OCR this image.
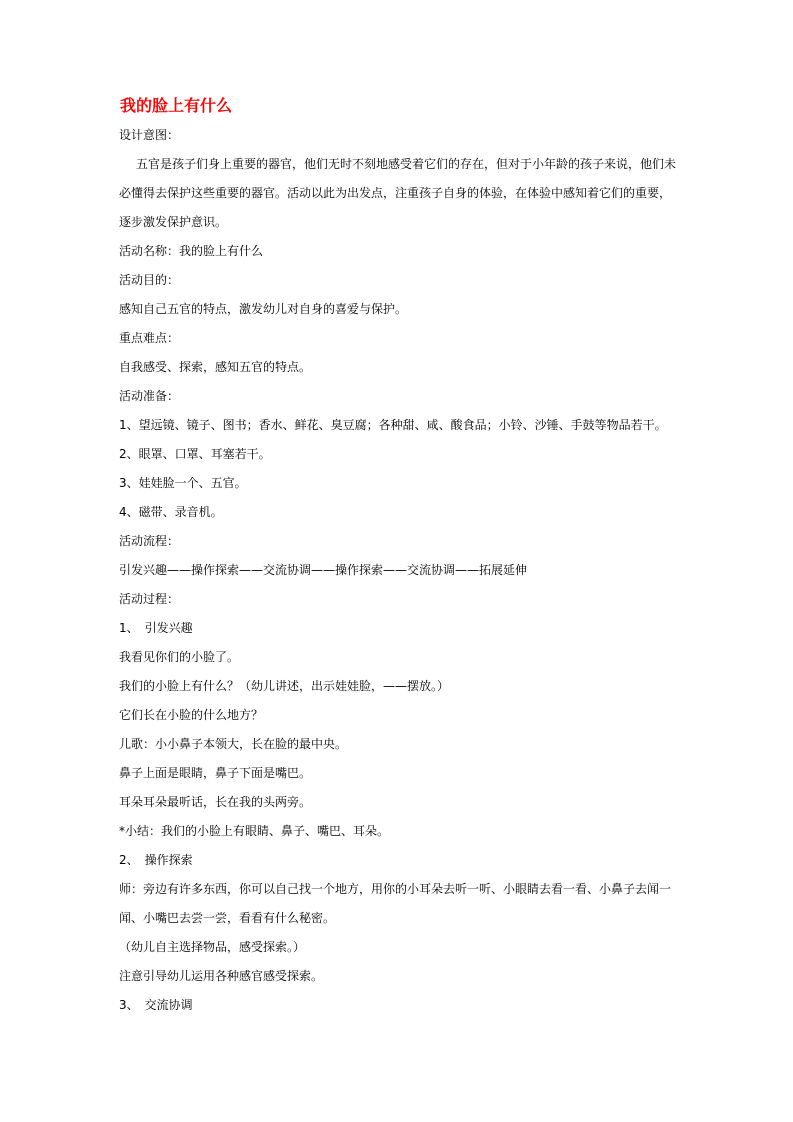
我的脸上有什么
设计意图：
五官是孩子们身上重要的器官，他们无时不刻地感受着它们的存在，但对于小年龄的孩子来说，他们未
必懂得去保护这些重要的器官。活动以此为出发点，注重孩子自身的体验，在体验中感知着它们的重要，
逐步激发保护意识。
活动名称：我的脸上有什么
活动目的：
感知自己五官的特点，激发幼儿对自身的喜爱与保护。
重点难点：
自我感受、探索，感知五官的特点。
活动准备：
1、望远镜、镜子、图书；香水、鲜花、臭豆腐；各种甜、咸、酸食品；小铃、沙锤、手鼓等物品若干。
2、眼罩、口罩、耳塞若干。
3、娃娃脸一个、五官。
4、磁带、录音机。
活动流程：
引发兴趣——操作探索——交流协调——操作探索——交流协调——拓展延伸
活动过程：
1、　引发兴趣
我看见你们的小脸了。
我们的小脸上有什么？（幼儿讲述，出示娃娃脸，——摆放。）
它们长在小脸的什么地方？
儿歌：小小鼻子本领大，长在脸的最中央。
鼻子上面是眼睛，鼻子下面是嘴巴。
耳朵耳朵最听话，长在我的头两旁。
*小结：我们的小脸上有眼睛、鼻子、嘴巴、耳朵。
2、　操作探索
师：旁边有许多东西，你可以自己找一个地方，用你的小耳朵去听一听、小眼睛去看一看、小鼻子去闻一
闻、小嘴巴去尝一尝，看看有什么秘密。
（幼儿自主选择物品，感受探索。）
注意引导幼儿运用各种感官感受探索。
3、　交流协调
